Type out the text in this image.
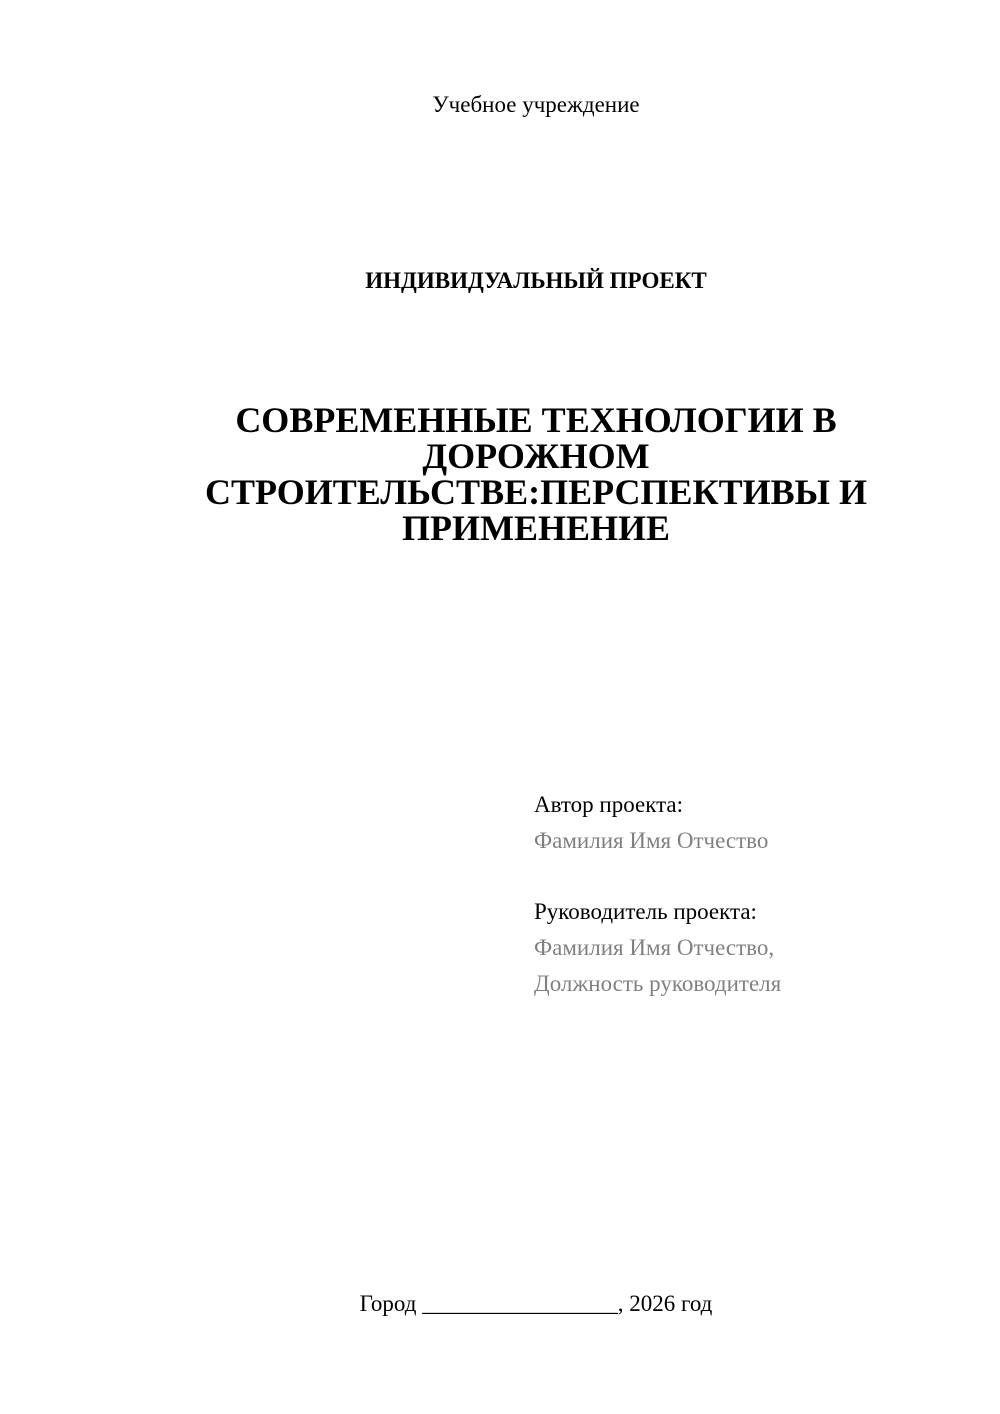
Учебное учреждение
ИНДИВИДУАЛЬНЫЙ ПРОЕКТ
СОВРЕМЕННЫЕ ТЕХНОЛОГИИ В
ДОРОЖНОМ
СТРОИТЕЛЬСТВЕ:ПЕРСПЕКТИВЫ И
ПРИМЕНЕНИЕ
Автор проекта:
Фамилия Имя Отчество
Руководитель проекта:
Фамилия Имя Отчество,
Должность руководителя
Город _________________, 2026 год
